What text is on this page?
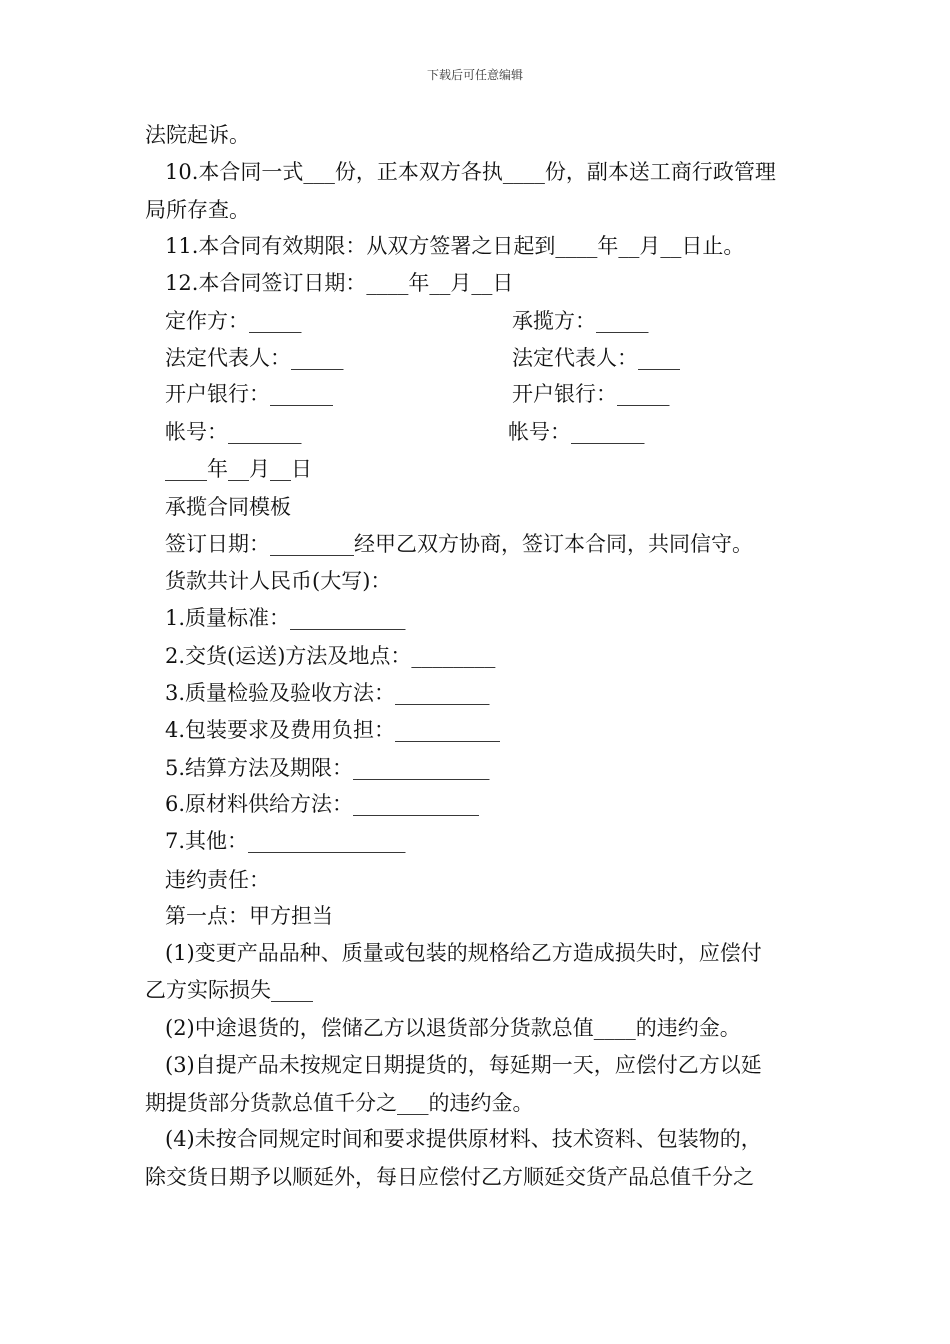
下载后可任意编辑
法院起诉。
10.本合同一式___份，正本双方各执____份，副本送工商行政管理
局所存查。
11.本合同有效期限：从双方签署之日起到____年__月__日止。
12.本合同签订日期：____年__月__日
定作方：_____	承揽方：_____
法定代表人：_____	法定代表人：____
开户银行：______	开户银行：_____
帐号：_______	帐号：_______
____年__月__日
承揽合同模板
签订日期：________经甲乙双方协商，签订本合同，共同信守。
货款共计人民币(大写)：
1.质量标准：___________
2.交货(运送)方法及地点：________
3.质量检验及验收方法：_________
4.包装要求及费用负担：__________
5.结算方法及期限：_____________
6.原材料供给方法：____________
7.其他：_______________
违约责任：
第一点：甲方担当
(1)变更产品品种、质量或包装的规格给乙方造成损失时，应偿付
乙方实际损失____
(2)中途退货的，偿储乙方以退货部分货款总值____的违约金。
(3)自提产品未按规定日期提货的，每延期一天，应偿付乙方以延
期提货部分货款总值千分之___的违约金。
(4)未按合同规定时间和要求提供原材料、技术资料、包装物的，
除交货日期予以顺延外，每日应偿付乙方顺延交货产品总值千分之
